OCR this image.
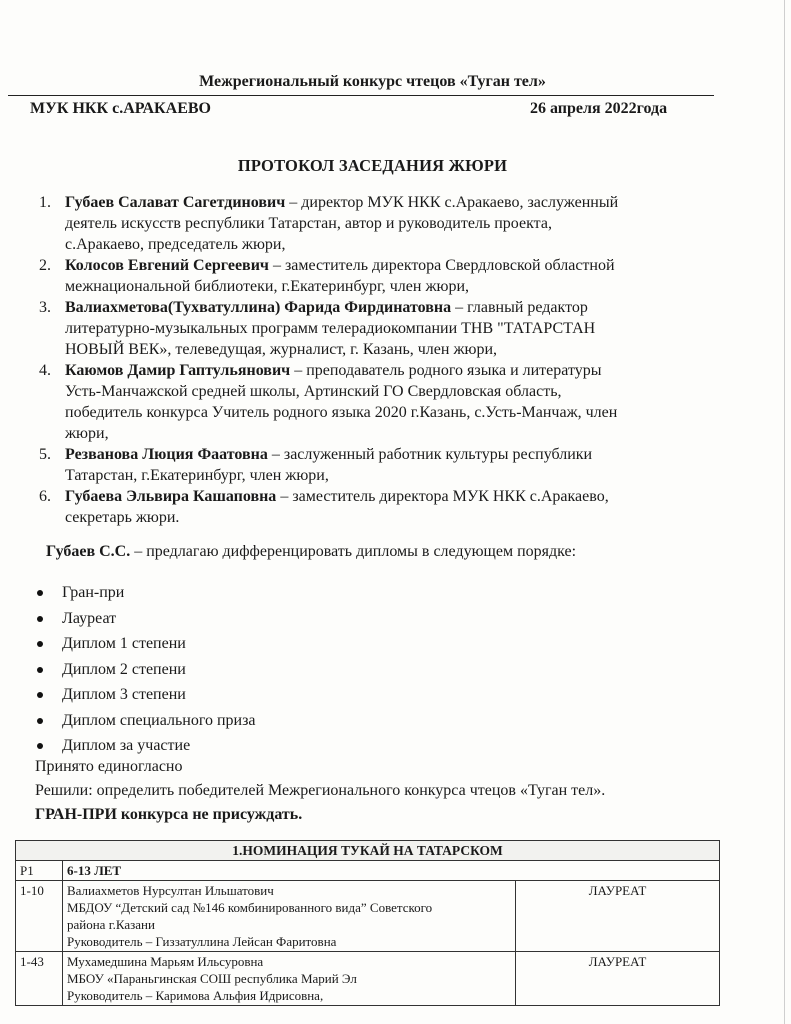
Межрегиональный конкурс чтецов «Туган тел»
МУК НКК с.АРАКАЕВО	26 апреля 2022года
ПРОТОКОЛ ЗАСЕДАНИЯ ЖЮРИ
1. Губаев Салават Сагетдинович – директор МУК НКК с.Аракаево, заслуженный
деятель искусств республики Татарстан, автор и руководитель проекта,
с.Аракаево, председатель жюри,
2. Колосов Евгений Сергеевич – заместитель директора Свердловской областной
межнациональной библиотеки, г.Екатеринбург, член жюри,
3. Валиахметова(Тухватуллина) Фарида Фирдинатовна – главный редактор
литературно-музыкальных программ телерадиокомпании ТНВ "ТАТАРСТАН
НОВЫЙ ВЕК», телеведущая, журналист, г. Казань, член жюри,
4. Каюмов Дамир Гаптульянович – преподаватель родного языка и литературы
Усть-Манчажской средней школы, Артинский ГО Свердловская область,
победитель конкурса Учитель родного языка 2020 г.Казань, с.Усть-Манчаж, член
жюри,
5. Резванова Люция Фаатовна – заслуженный работник культуры республики
Татарстан, г.Екатеринбург, член жюри,
6. Губаева Эльвира Кашаповна – заместитель директора МУК НКК с.Аракаево,
секретарь жюри.
Губаев С.С. – предлагаю дифференцировать дипломы в следующем порядке:
Гран-при
Лауреат
Диплом 1 степени
Диплом 2 степени
Диплом 3 степени
Диплом специального приза
Диплом за участие
Принято единогласно
Решили: определить победителей Межрегионального конкурса чтецов «Туган тел».
ГРАН-ПРИ конкурса не присуждать.
1.НОМИНАЦИЯ ТУКАЙ НА ТАТАРСКОМ		
Р1	6-13 ЛЕТ	
1-10	Валиахметов Нурсултан Ильшатович
МБДОУ “Детский сад №146 комбинированного вида” Советского
района г.Казани
Руководитель – Гиззатуллина Лейсан Фаритовна	ЛАУРЕАТ
1-43	Мухамедшина Марьям Ильсуровна
МБОУ «Параньгинская СОШ республика Марий Эл
Руководитель – Каримова Альфия Идрисовна,	ЛАУРЕАТ
